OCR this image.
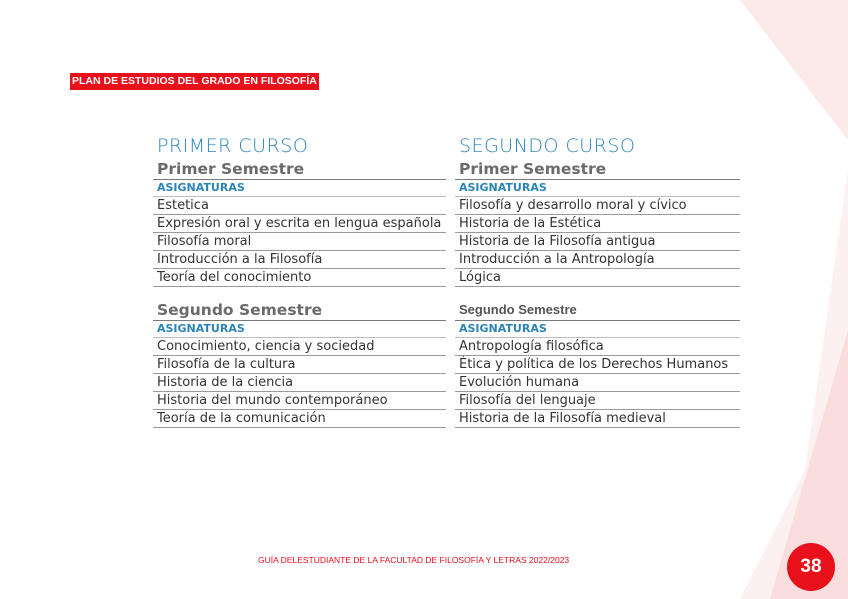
PLAN DE ESTUDIOS DEL GRADO EN FILOSOFÍA
PRIMER CURSO
Primer Semestre
ASIGNATURAS
Estetica
Expresión oral y escrita en lengua española
Filosofía moral
Introducción a la Filosofía
Teoría del conocimiento
Segundo Semestre
ASIGNATURAS
Conocimiento, ciencia y sociedad
Filosofía de la cultura
Historia de la ciencia
Historia del mundo contemporáneo
Teoría de la comunicación
SEGUNDO CURSO
Primer Semestre
ASIGNATURAS
Filosofía y desarrollo moral y cívico
Historia de la Estética
Historia de la Filosofía antigua
Introducción a la Antropología
Lógica
Segundo Semestre
ASIGNATURAS
Antropología filosófica
Ética y política de los Derechos Humanos
Evolución humana
Filosofía del lenguaje
Historia de la Filosofía medieval
GUÍA DELESTUDIANTE DE LA FACULTAD DE FILOSOFÍA Y LETRAS 2022/2023	38
